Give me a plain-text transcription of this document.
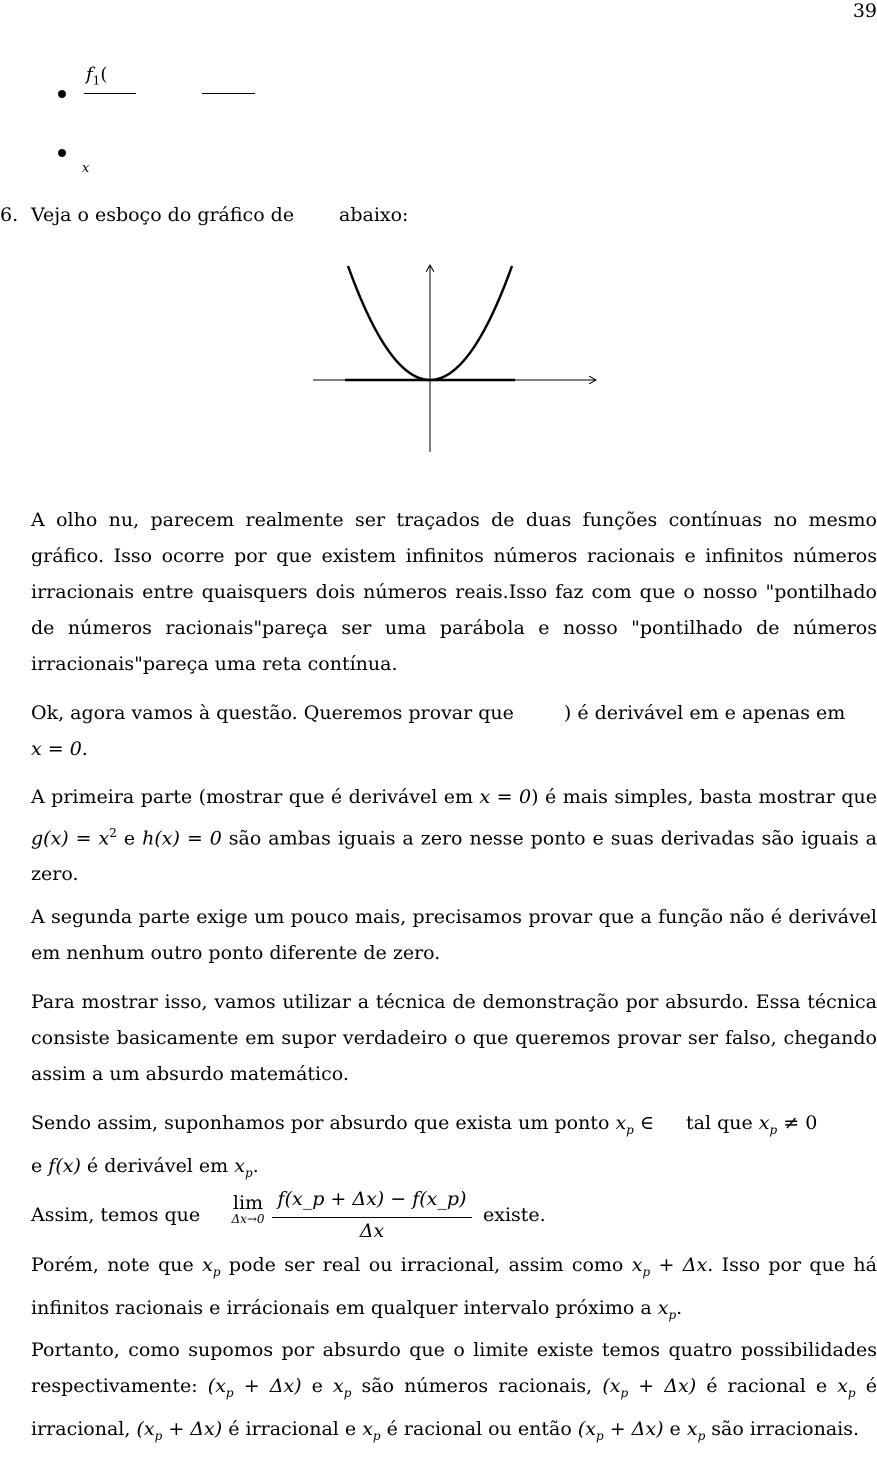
39
$f_1$(
x
6. Veja o esboço do gráfico de abaixo:

A olho nu, parecem realmente ser traçados de duas funções contínuas no mesmo gráfico. Isso ocorre por que existem infinitos números racionais e infinitos números irracionais entre quaisquers dois números reais.Isso faz com que o nosso "pontilhado de números racionais"pareça ser uma parábola e nosso "pontilhado de números irracionais"pareça uma reta contínua.

Ok, agora vamos à questão. Queremos provar que	) é derivável em e apenas em
x = 0.
A primeira parte (mostrar que é derivável em x = 0) é mais simples, basta mostrar que $g(x) = x^2$ e h(x) = 0 são ambas iguais a zero nesse ponto e suas derivadas são iguais a zero.

A segunda parte exige um pouco mais, precisamos provar que a função não é derivável em nenhum outro ponto diferente de zero.

Para mostrar isso, vamos utilizar a técnica de demonstração por absurdo. Essa técnica consiste basicamente em supor verdadeiro o que queremos provar ser falso, chegando assim a um absurdo matemático.

Sendo assim, suponhamos por absurdo que exista um ponto $x_p$ ∈ tal que $x_p \ne 0$
e f(x) é derivável em $x_p$.
Assim, temos que
lim
Δx→0
f(x_p + Δx) − f(x_p)
Δx
existe.
Porém, note que $x_p$ pode ser real ou irracional, assim como $x_p + \Delta x$. Isso por que há infinitos racionais e irrácionais em qualquer intervalo próximo a $x_p$.
Portanto, como supomos por absurdo que o limite existe temos quatro possibilidades respectivamente: $(x_p + \Delta x)$ e $x_p$ são números racionais, $(x_p + \Delta x)$ é racional e $x_p$ é irracional, $(x_p + \Delta x)$ é irracional e $x_p$ é racional ou então $(x_p + \Delta x)$ e $x_p$ são irracionais.
